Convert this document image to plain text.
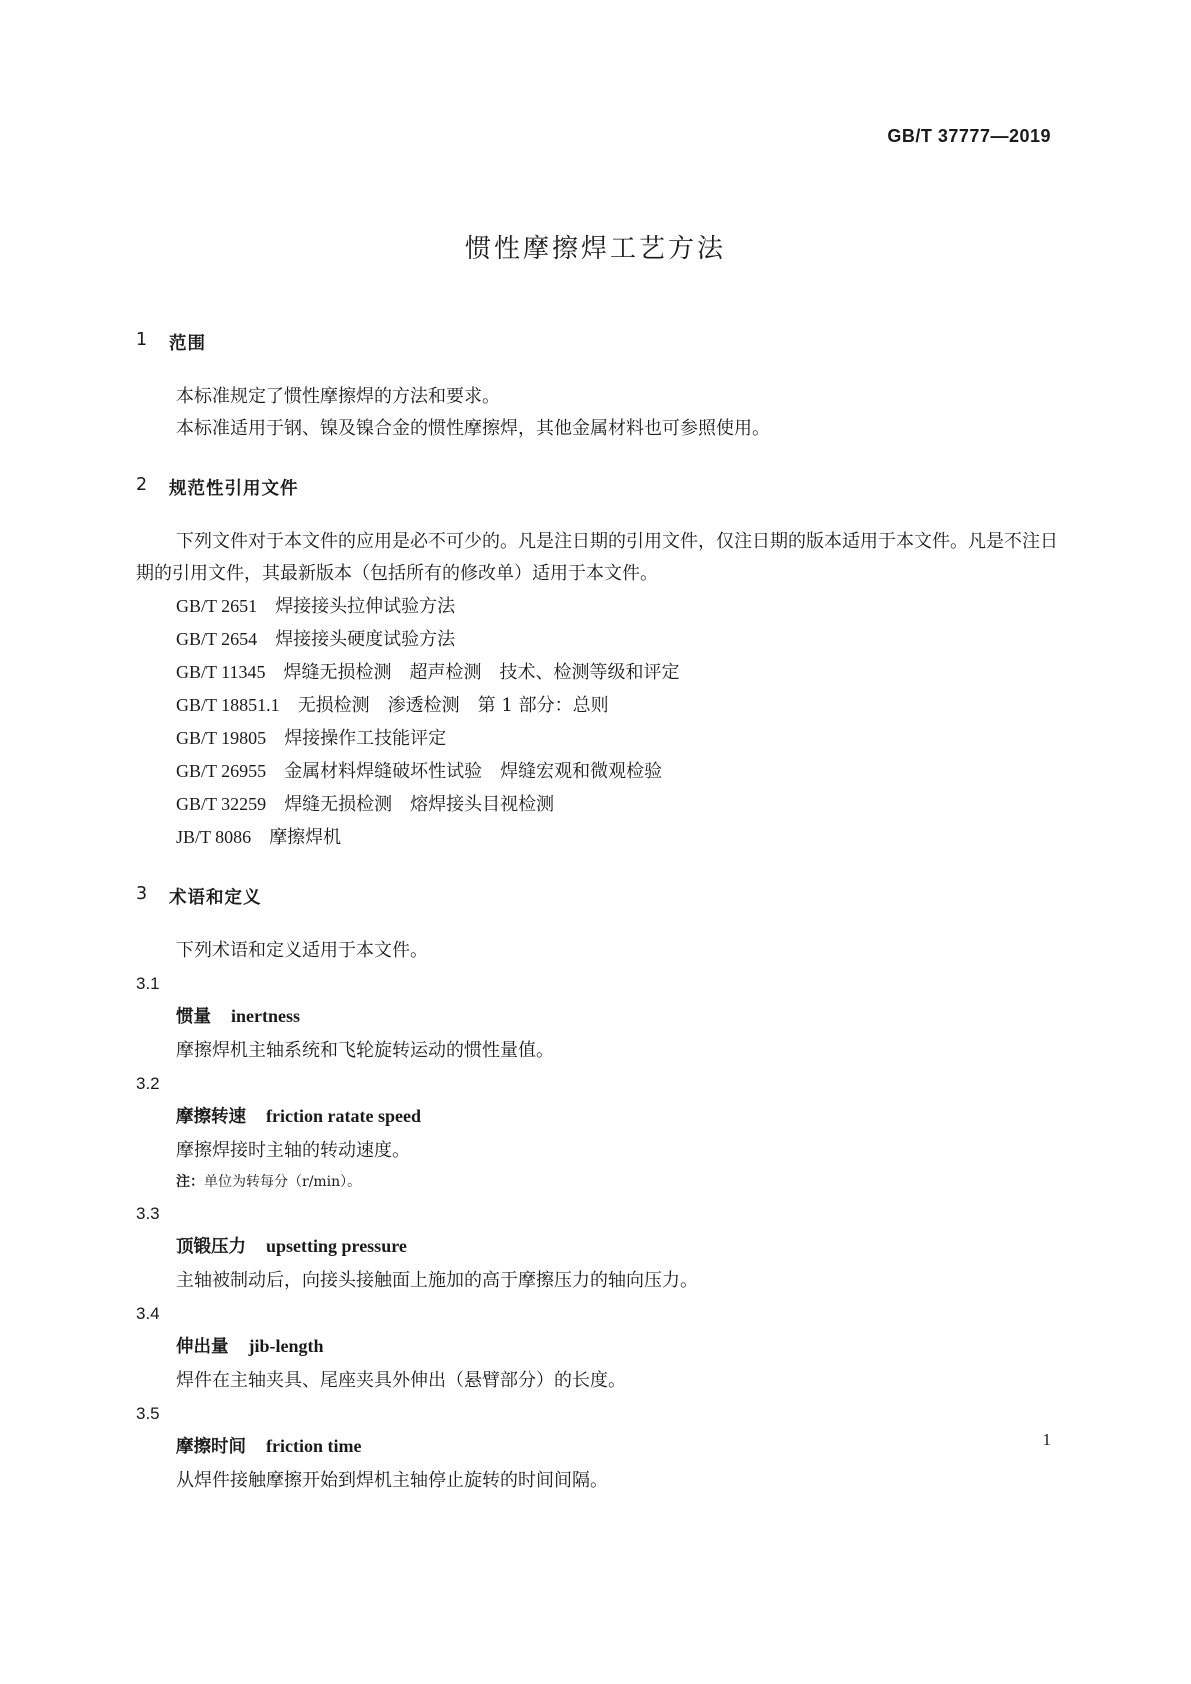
GB/T 37777—2019
惯性摩擦焊工艺方法
1	范围

本标准规定了惯性摩擦焊的方法和要求。

本标准适用于钢、镍及镍合金的惯性摩擦焊，其他金属材料也可参照使用。

2	规范性引用文件

下列文件对于本文件的应用是必不可少的。凡是注日期的引用文件，仅注日期的版本适用于本文件。凡是不注日期的引用文件，其最新版本（包括所有的修改单）适用于本文件。

GB/T 2651　 焊接接头拉伸试验方法
GB/T 2654　 焊接接头硬度试验方法
GB/T 11345　 焊缝无损检测　超声检测　技术、检测等级和评定
GB/T 18851.1　 无损检测　渗透检测　第 1 部分：总则
GB/T 19805　 焊接操作工技能评定
GB/T 26955　 金属材料焊缝破坏性试验　焊缝宏观和微观检验
GB/T 32259　 焊缝无损检测　熔焊接头目视检测
JB/T 8086　 摩擦焊机
3	术语和定义

下列术语和定义适用于本文件。

3.1
惯量 inertness
摩擦焊机主轴系统和飞轮旋转运动的惯性量值。
3.2
摩擦转速 friction ratate speed
摩擦焊接时主轴的转动速度。
注：单位为转每分（r/min）。
3.3
顶锻压力 upsetting pressure
主轴被制动后，向接头接触面上施加的高于摩擦压力的轴向压力。
3.4
伸出量 jib-length
焊件在主轴夹具、尾座夹具外伸出（悬臂部分）的长度。
3.5
摩擦时间 friction time
从焊件接触摩擦开始到焊机主轴停止旋转的时间间隔。
1
